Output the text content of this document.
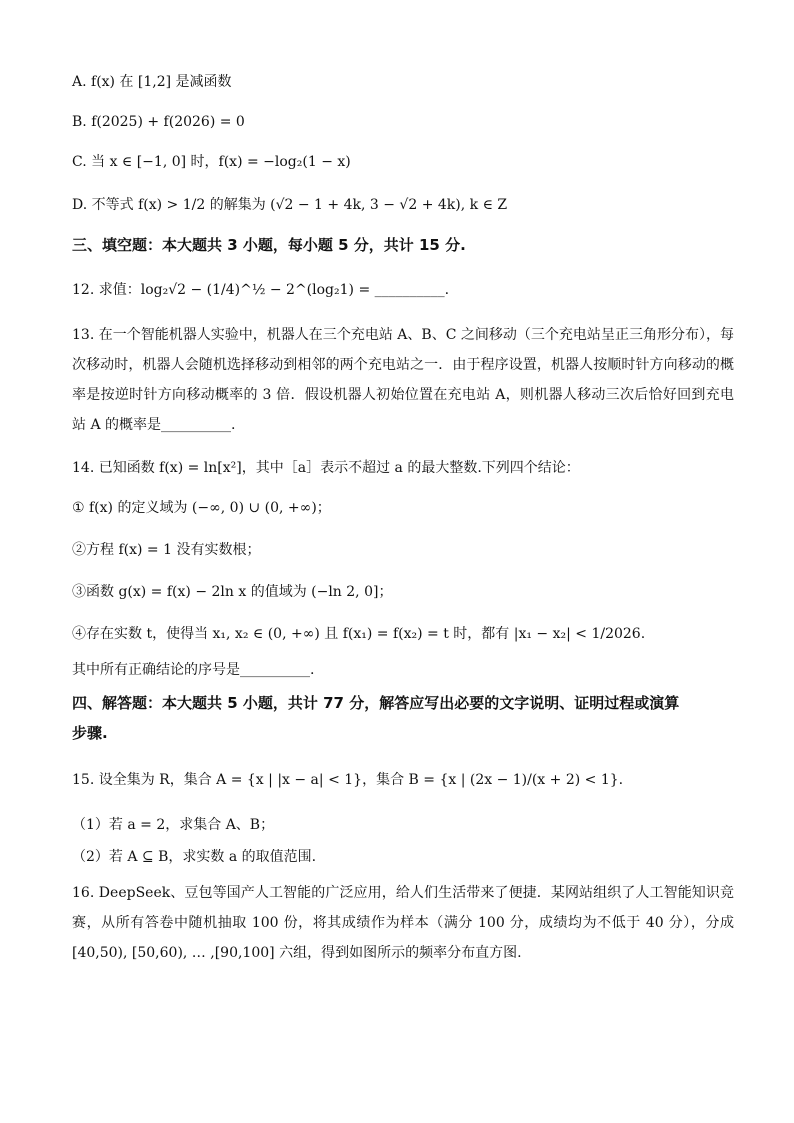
A. f(x) 在 [1,2] 是减函数
B. f(2025) + f(2026) = 0
C. 当 x ∈ [−1, 0] 时，f(x) = −log₂(1 − x)
D. 不等式 f(x) > 1/2 的解集为 (√2 − 1 + 4k, 3 − √2 + 4k), k ∈ Z
三、填空题：本大题共 3 小题，每小题 5 分，共计 15 分.
12. 求值：log₂√2 − (1/4)^½ − 2^(log₂1) = __________.
13. 在一个智能机器人实验中，机器人在三个充电站 A、B、C 之间移动（三个充电站呈正三角形分布），每次移动时，机器人会随机选择移动到相邻的两个充电站之一．由于程序设置，机器人按顺时针方向移动的概率是按逆时针方向移动概率的 3 倍．假设机器人初始位置在充电站 A，则机器人移动三次后恰好回到充电站 A 的概率是__________.
14. 已知函数 f(x) = ln[x²]，其中［a］表示不超过 a 的最大整数.下列四个结论：
① f(x) 的定义域为 (−∞, 0) ∪ (0, +∞)；
②方程 f(x) = 1 没有实数根；
③函数 g(x) = f(x) − 2ln x 的值域为 (−ln 2, 0]；
④存在实数 t，使得当 x₁, x₂ ∈ (0, +∞) 且 f(x₁) = f(x₂) = t 时，都有 |x₁ − x₂| < 1/2026.
其中所有正确结论的序号是__________.
四、解答题：本大题共 5 小题，共计 77 分，解答应写出必要的文字说明、证明过程或演算
步骤.
15. 设全集为 R，集合 A = {x | |x − a| < 1}，集合 B = {x | (2x − 1)/(x + 2) < 1}.
（1）若 a = 2，求集合 A、B；
（2）若 A ⊆ B，求实数 a 的取值范围.
16. DeepSeek、豆包等国产人工智能的广泛应用，给人们生活带来了便捷．某网站组织了人工智能知识竞赛，从所有答卷中随机抽取 100 份，将其成绩作为样本（满分 100 分，成绩均为不低于 40 分），分成 [40,50), [50,60), … ,[90,100] 六组，得到如图所示的频率分布直方图.
